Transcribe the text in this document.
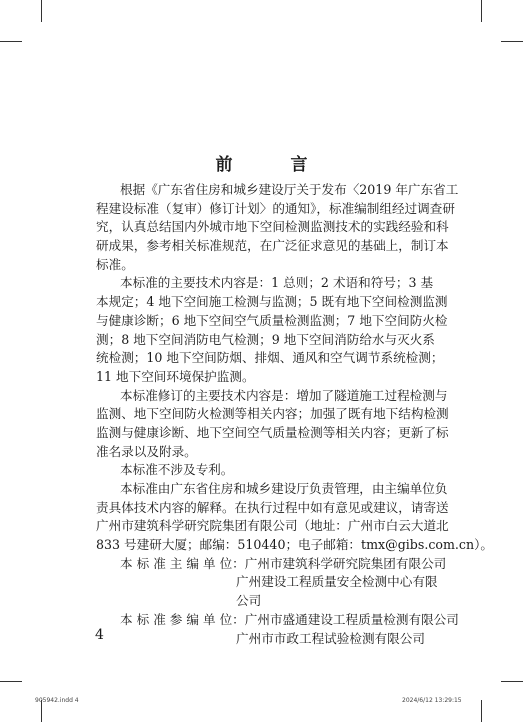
前 言
根据《广东省住房和城乡建设厅关于发布〈2019 年广东省工
程建设标准（复审）修订计划〉的通知》，标准编制组经过调查研
究，认真总结国内外城市地下空间检测监测技术的实践经验和科
研成果，参考相关标准规范，在广泛征求意见的基础上，制订本
标准。
本标准的主要技术内容是：1 总则；2 术语和符号；3 基
本规定；4 地下空间施工检测与监测；5 既有地下空间检测监测
与健康诊断；6 地下空间空气质量检测监测；7 地下空间防火检
测；8 地下空间消防电气检测；9 地下空间消防给水与灭火系
统检测；10 地下空间防烟、排烟、通风和空气调节系统检测；
11 地下空间环境保护监测。
本标准修订的主要技术内容是：增加了隧道施工过程检测与
监测、地下空间防火检测等相关内容；加强了既有地下结构检测
监测与健康诊断、地下空间空气质量检测等相关内容；更新了标
准名录以及附录。
本标准不涉及专利。
本标准由广东省住房和城乡建设厅负责管理，由主编单位负
责具体技术内容的解释。在执行过程中如有意见或建议，请寄送
广州市建筑科学研究院集团有限公司（地址：广州市白云大道北
833 号建研大厦；邮编：510440；电子邮箱：tmx@gibs.com.cn）。
本 标 准 主 编 单 位：广州市建筑科学研究院集团有限公司
广州建设工程质量安全检测中心有限
公司
本 标 准 参 编 单 位：广州市盛通建设工程质量检测有限公司
广州市市政工程试验检测有限公司
4
905942.indd 4	2024/6/12 13:29:15
